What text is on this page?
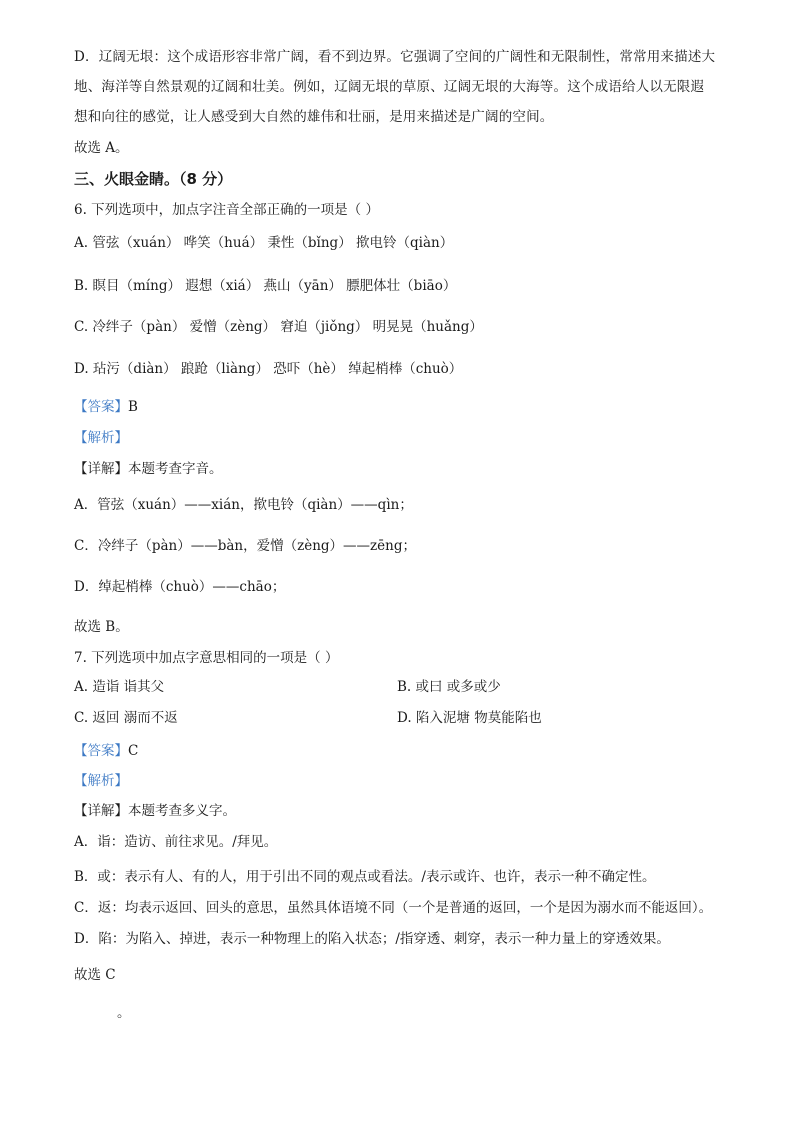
D．辽阔无垠：这个成语形容非常广阔，看不到边界。它强调了空间的广阔性和无限制性，常常用来描述大
地、海洋等自然景观的辽阔和壮美。例如，辽阔无垠的草原、辽阔无垠的大海等。这个成语给人以无限遐
想和向往的感觉，让人感受到大自然的雄伟和壮丽，是用来描述是广阔的空间。
故选 A。
三、火眼金睛。（8 分）
6. 下列选项中，加点字注音全部正确的一项是（ ）
A. 管弦（xuán） 哗笑（huá） 秉性（bǐng） 揿电铃（qiàn）
B. 瞑目（míng） 遐想（xiá） 燕山（yān） 膘肥体壮（biāo）
C. 冷绊子（pàn） 爱憎（zèng） 窘迫（jiǒng） 明晃晃（huǎng）
D. 玷污（diàn） 踉跄（liàng） 恐吓（hè） 绰起梢棒（chuò）
【答案】B
【解析】
【详解】本题考查字音。
A．管弦（xuán）——xián，揿电铃（qiàn）——qìn；
C．冷绊子（pàn）——bàn，爱憎（zèng）——zēng；
D．绰起梢棒（chuò）——chāo；
故选 B。
7. 下列选项中加点字意思相同的一项是（ ）
A. 造诣 诣其父	B. 或曰 或多或少
C. 返回 溺而不返	D. 陷入泥塘 物莫能陷也
【答案】C
【解析】
【详解】本题考查多义字。
A．诣：造访、前往求见。/拜见。
B．或：表示有人、有的人，用于引出不同的观点或看法。/表示或许、也许，表示一种不确定性。
C．返：均表示返回、回头的意思，虽然具体语境不同（一个是普通的返回，一个是因为溺水而不能返回）。
D．陷：为陷入、掉进，表示一种物理上的陷入状态；/指穿透、刺穿，表示一种力量上的穿透效果。
故选 C
。
